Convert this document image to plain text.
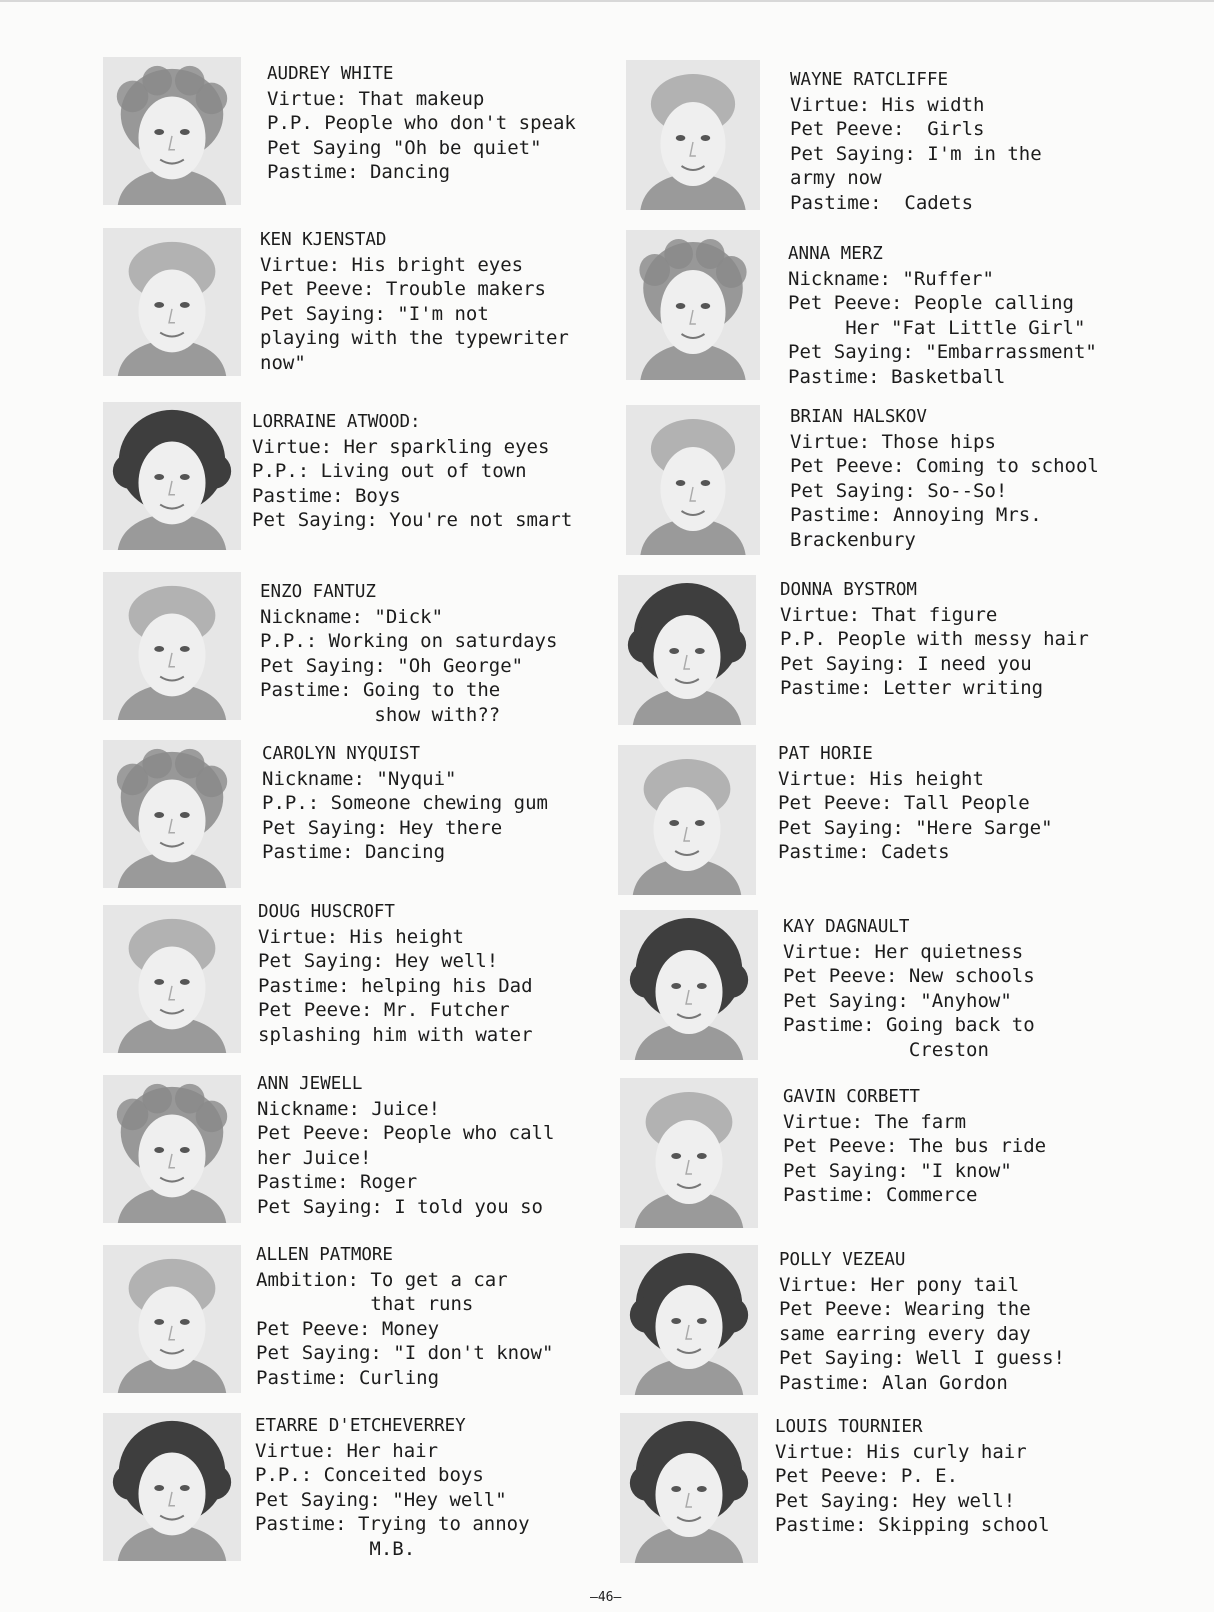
AUDREY WHITE
Virtue: That makeup
P.P. People who don't speak
Pet Saying "Oh be quiet"
Pastime: Dancing
KEN KJENSTAD
Virtue: His bright eyes
Pet Peeve: Trouble makers
Pet Saying: "I'm not
playing with the typewriter
now"
LORRAINE ATWOOD:
Virtue: Her sparkling eyes
P.P.: Living out of town
Pastime: Boys
Pet Saying: You're not smart
ENZO FANTUZ
Nickname: "Dick"
P.P.: Working on saturdays
Pet Saying: "Oh George"
Pastime: Going to the
show with??
CAROLYN NYQUIST
Nickname: "Nyqui"
P.P.: Someone chewing gum
Pet Saying: Hey there
Pastime: Dancing
DOUG HUSCROFT
Virtue: His height
Pet Saying: Hey well!
Pastime: helping his Dad
Pet Peeve: Mr. Futcher
splashing him with water
ANN JEWELL
Nickname: Juice!
Pet Peeve: People who call
her Juice!
Pastime: Roger
Pet Saying: I told you so
ALLEN PATMORE
Ambition: To get a car
that runs
Pet Peeve: Money
Pet Saying: "I don't know"
Pastime: Curling
ETARRE D'ETCHEVERREY
Virtue: Her hair
P.P.: Conceited boys
Pet Saying: "Hey well"
Pastime: Trying to annoy
M.B.
WAYNE RATCLIFFE
Virtue: His width
Pet Peeve:  Girls
Pet Saying: I'm in the
army now
Pastime:  Cadets
ANNA MERZ
Nickname: "Ruffer"
Pet Peeve: People calling
Her "Fat Little Girl"
Pet Saying: "Embarrassment"
Pastime: Basketball
BRIAN HALSKOV
Virtue: Those hips
Pet Peeve: Coming to school
Pet Saying: So--So!
Pastime: Annoying Mrs.
Brackenbury
DONNA BYSTROM
Virtue: That figure
P.P. People with messy hair
Pet Saying: I need you
Pastime: Letter writing
PAT HORIE
Virtue: His height
Pet Peeve: Tall People
Pet Saying: "Here Sarge"
Pastime: Cadets
KAY DAGNAULT
Virtue: Her quietness
Pet Peeve: New schools
Pet Saying: "Anyhow"
Pastime: Going back to
Creston
GAVIN CORBETT
Virtue: The farm
Pet Peeve: The bus ride
Pet Saying: "I know"
Pastime: Commerce
POLLY VEZEAU
Virtue: Her pony tail
Pet Peeve: Wearing the
same earring every day
Pet Saying: Well I guess!
Pastime: Alan Gordon
LOUIS TOURNIER
Virtue: His curly hair
Pet Peeve: P. E.
Pet Saying: Hey well!
Pastime: Skipping school
—46—
